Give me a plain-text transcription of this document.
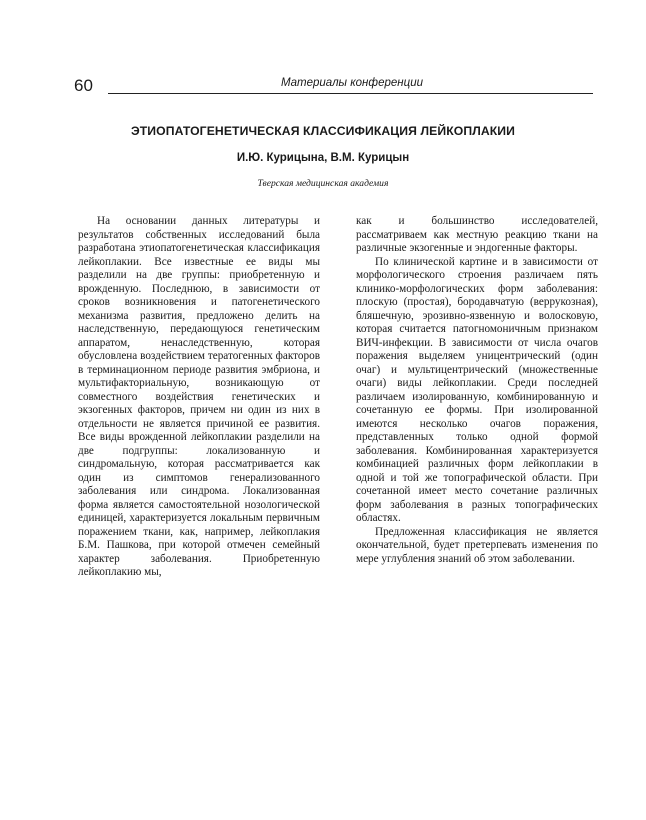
60	Материалы конференции
ЭТИОПАТОГЕНЕТИЧЕСКАЯ КЛАССИФИКАЦИЯ ЛЕЙКОПЛАКИИ
И.Ю. Курицына, В.М. Курицын
Тверская медицинская академия

На основании данных литературы и результатов собственных исследований была разработана этиопатогенетическая классификация лейкоплакии. Все известные ее виды мы разделили на две группы: приобретенную и врожденную. Последнюю, в зависимости от сроков возникновения и патогенетического механизма развития, предложено делить на наследственную, передающуюся генетическим аппаратом, ненаследственную, которая обусловлена воздействием тератогенных факторов в терминационном периоде развития эмбриона, и мультифакториальную, возникающую от совместного воздействия генетических и экзогенных факторов, причем ни один из них в отдельности не является причиной ее развития. Все виды врожденной лейкоплакии разделили на две подгруппы: локализованную и синдромальную, которая рассматривается как один из симптомов генерализованного заболевания или синдрома. Локализованная форма является самостоятельной нозологической единицей, характеризуется локальным первичным поражением ткани, как, например, лейкоплакия Б.М. Пашкова, при которой отмечен семейный характер заболевания. Приобретенную лейкоплакию мы,

как и большинство исследователей, рассматриваем как местную реакцию ткани на различные экзогенные и эндогенные факторы.

По клинической картине и в зависимости от морфологического строения различаем пять клинико-морфологических форм заболевания: плоскую (простая), бородавчатую (веррукозная), бляшечную, эрозивно-язвенную и волосковую, которая считается патогномоничным признаком ВИЧ-инфекции. В зависимости от числа очагов поражения выделяем уницентрический (один очаг) и мультицентрический (множественные очаги) виды лейкоплакии. Среди последней различаем изолированную, комбинированную и сочетанную ее формы. При изолированной имеются несколько очагов поражения, представленных только одной формой заболевания. Комбинированная характеризуется комбинацией различных форм лейкоплакии в одной и той же топографической области. При сочетанной имеет место сочетание различных форм заболевания в разных топографических областях.

Предложенная классификация не является окончательной, будет претерпевать изменения по мере углубления знаний об этом заболевании.
